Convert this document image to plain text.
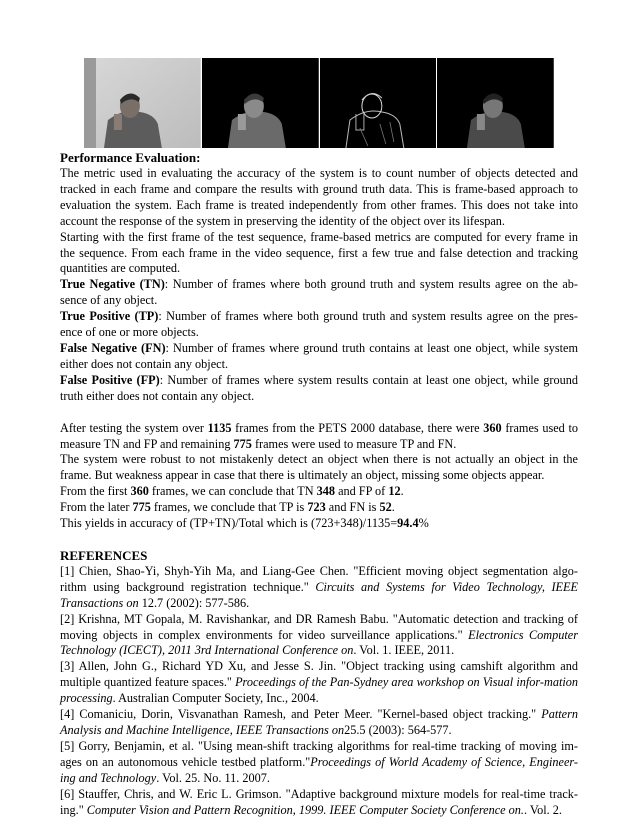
Performance Evaluation:

The metric used in evaluating the accuracy of the system is to count number of objects detected and tracked in each frame and compare the results with ground truth data. This is frame-based approach to evaluation the system. Each frame is treated independently from other frames. This does not take into account the response of the system in preserving the identity of the object over its lifespan.

Starting with the first frame of the test sequence, frame-based metrics are computed for every frame in the sequence. From each frame in the video sequence, first a few true and false detection and tracking quantities are computed.

True Negative (TN): Number of frames where both ground truth and system results agree on the ab-sence of any object.

True Positive (TP): Number of frames where both ground truth and system results agree on the pres-ence of one or more objects.

False Negative (FN): Number of frames where ground truth contains at least one object, while system either does not contain any object.

False Positive (FP): Number of frames where system results contain at least one object, while ground truth either does not contain any object.

After testing the system over 1135 frames from the PETS 2000 database, there were 360 frames used to measure TN and FP and remaining 775 frames were used to measure TP and FN.

The system were robust to not mistakenly detect an object when there is not actually an object in the frame. But weakness appear in case that there is ultimately an object, missing some objects appear.

From the first 360 frames, we can conclude that TN 348 and FP of 12.

From the later 775 frames, we conclude that TP is 723 and FN is 52.

This yields in accuracy of (TP+TN)/Total which is (723+348)/1135=94.4%

REFERENCES

[1] Chien, Shao-Yi, Shyh-Yih Ma, and Liang-Gee Chen. "Efficient moving object segmentation algo-rithm using background registration technique." Circuits and Systems for Video Technology, IEEE Transactions on 12.7 (2002): 577-586.

[2] Krishna, MT Gopala, M. Ravishankar, and DR Ramesh Babu. "Automatic detection and tracking of moving objects in complex environments for video surveillance applications." Electronics Computer Technology (ICECT), 2011 3rd International Conference on. Vol. 1. IEEE, 2011.

[3] Allen, John G., Richard YD Xu, and Jesse S. Jin. "Object tracking using camshift algorithm and multiple quantized feature spaces." Proceedings of the Pan-Sydney area workshop on Visual infor-mation processing. Australian Computer Society, Inc., 2004.

[4] Comaniciu, Dorin, Visvanathan Ramesh, and Peter Meer. "Kernel-based object tracking." Pattern Analysis and Machine Intelligence, IEEE Transactions on25.5 (2003): 564-577.

[5] Gorry, Benjamin, et al. "Using mean-shift tracking algorithms for real-time tracking of moving im-ages on an autonomous vehicle testbed platform."Proceedings of World Academy of Science, Engineer-ing and Technology. Vol. 25. No. 11. 2007.

[6] Stauffer, Chris, and W. Eric L. Grimson. "Adaptive background mixture models for real-time track-ing." Computer Vision and Pattern Recognition, 1999. IEEE Computer Society Conference on.. Vol. 2.
